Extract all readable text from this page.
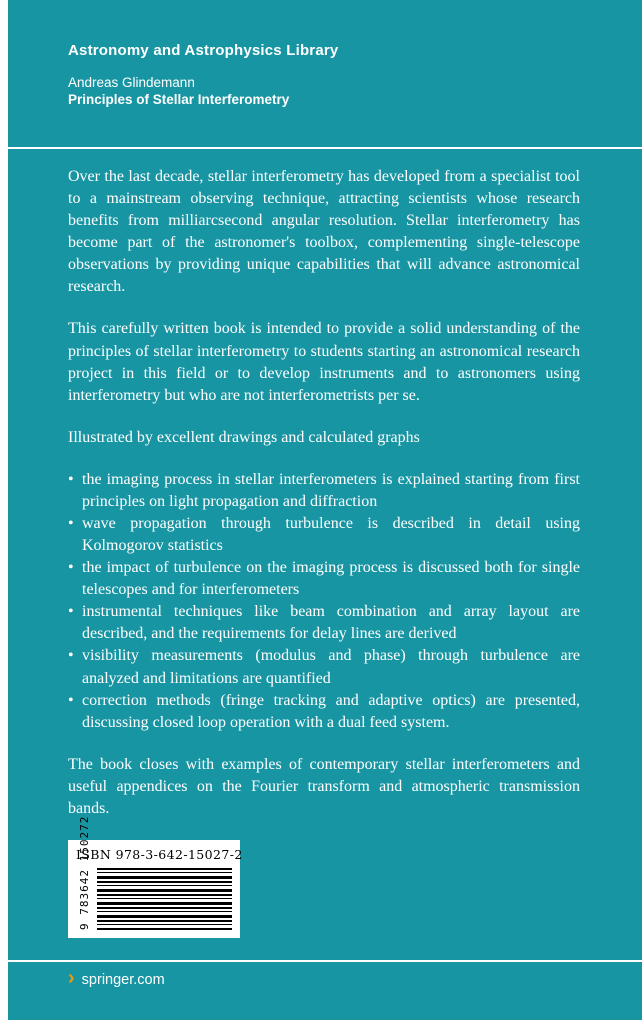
Astronomy and Astrophysics Library
Andreas Glindemann
Principles of Stellar Interferometry

Over the last decade, stellar interferometry has developed from a specialist tool to a mainstream observing technique, attracting scientists whose research benefits from milliarcsecond angular resolution. Stellar interferometry has become part of the astronomer's toolbox, complementing single-telescope observations by providing unique capabilities that will advance astronomical research.

This carefully written book is intended to provide a solid understanding of the principles of stellar interferometry to students starting an astronomical research project in this field or to develop instruments and to astronomers using interferometry but who are not interferometrists per se.

Illustrated by excellent drawings and calculated graphs

• the imaging process in stellar interferometers is explained starting from first principles on light propagation and diffraction
• wave propagation through turbulence is described in detail using Kolmogorov statistics
• the impact of turbulence on the imaging process is discussed both for single telescopes and for interferometers
• instrumental techniques like beam combination and array layout are described, and the requirements for delay lines are derived
• visibility measurements (modulus and phase) through turbulence are analyzed and limitations are quantified
• correction methods (fringe tracking and adaptive optics) are presented, discussing closed loop operation with a dual feed system.

The book closes with examples of contemporary stellar interferometers and useful appendices on the Fourier transform and atmospheric transmission bands.

ISBN 978-3-642-15027-2
9 783642 150272
› springer.com
